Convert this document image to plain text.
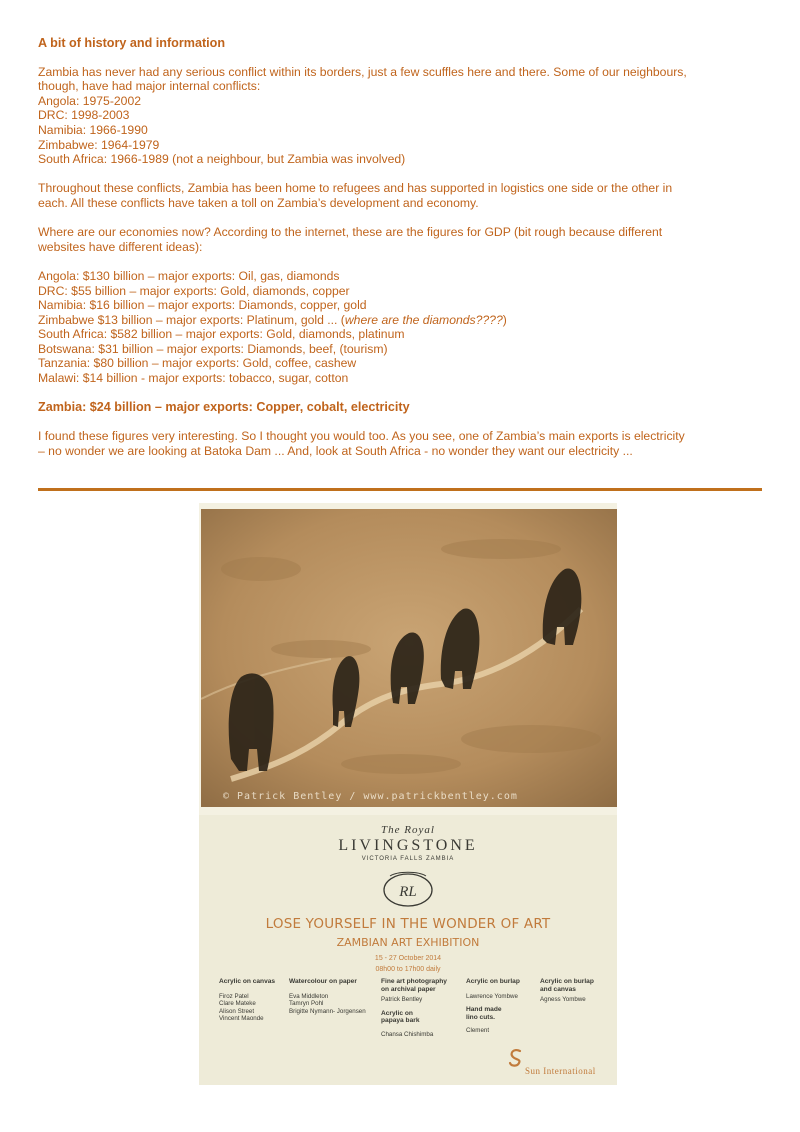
A bit of history and information

Zambia has never had any serious conflict within its borders, just a few scuffles here and there. Some of our neighbours,
though, have had major internal conflicts:
Angola: 1975-2002
DRC: 1998-2003
Namibia: 1966-1990
Zimbabwe: 1964-1979
South Africa: 1966-1989 (not a neighbour, but Zambia was involved)

Throughout these conflicts, Zambia has been home to refugees and has supported in logistics one side or the other in
each. All these conflicts have taken a toll on Zambia’s development and economy.

Where are our economies now? According to the internet, these are the figures for GDP (bit rough because different
websites have different ideas):

Angola: $130 billion – major exports: Oil, gas, diamonds
DRC: $55 billion – major exports: Gold, diamonds, copper
Namibia: $16 billion – major exports: Diamonds, copper, gold
Zimbabwe $13 billion – major exports: Platinum, gold ... (where are the diamonds????)
South Africa: $582 billion – major exports: Gold, diamonds, platinum
Botswana: $31 billion – major exports: Diamonds, beef, (tourism)
Tanzania: $80 billion – major exports: Gold, coffee, cashew
Malawi: $14 billion - major exports: tobacco, sugar, cotton

Zambia: $24 billion – major exports: Copper, cobalt, electricity

I found these figures very interesting. So I thought you would too. As you see, one of Zambia’s main exports is electricity
– no wonder we are looking at Batoka Dam ... And, look at South Africa - no wonder they want our electricity ...

© Patrick Bentley / www.patrickbentley.com
The Royal
LIVINGSTONE
VICTORIA FALLS ZAMBIA
RL
LOSE YOURSELF IN THE WONDER OF ART
ZAMBIAN ART EXHIBITION
15 - 27 October 2014
08h00 to 17h00 daily
Acrylic on canvas
Firoz Patel
Clare Mateke
Alison Street
Vincent Maonde
Watercolour on paper
Eva Middleton
Tamryn Pohl
Brigitte Nymann- Jorgensen
Fine art photography
on archival paper
Patrick Bentley
Acrylic on
papaya bark
Chansa Chishimba
Acrylic on burlap
Lawrence Yombwe
Hand made
lino cuts.
Clement
Acrylic on burlap
and canvas
Agness Yombwe
Sun International
